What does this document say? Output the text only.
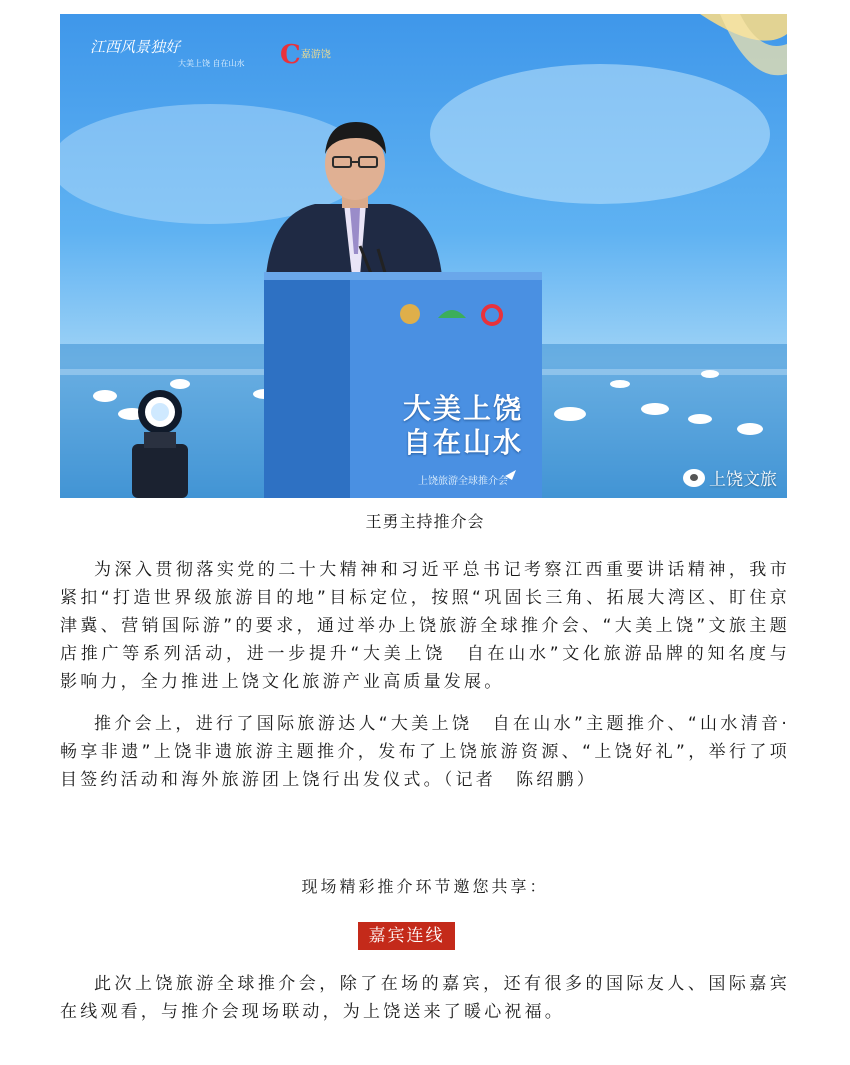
江西风景独好
大美上饶 自在山水 C嘉游饶
大美上饶
自在山水
上饶旅游全球推介会	上饶文旅
王勇主持推介会

为深入贯彻落实党的二十大精神和习近平总书记考察江西重要讲话精神，我市紧扣“打造世界级旅游目的地”目标定位，按照“巩固长三角、拓展大湾区、盯住京津冀、营销国际游”的要求，通过举办上饶旅游全球推介会、“大美上饶”文旅主题店推广等系列活动，进一步提升“大美上饶　自在山水”文化旅游品牌的知名度与影响力，全力推进上饶文化旅游产业高质量发展。

推介会上，进行了国际旅游达人“大美上饶　自在山水”主题推介、“山水清音·畅享非遗”上饶非遗旅游主题推介，发布了上饶旅游资源、“上饶好礼”，举行了项目签约活动和海外旅游团上饶行出发仪式。（记者　陈绍鹏）

现场精彩推介环节邀您共享：
嘉宾连线

此次上饶旅游全球推介会，除了在场的嘉宾，还有很多的国际友人、国际嘉宾在线观看，与推介会现场联动，为上饶送来了暖心祝福。
